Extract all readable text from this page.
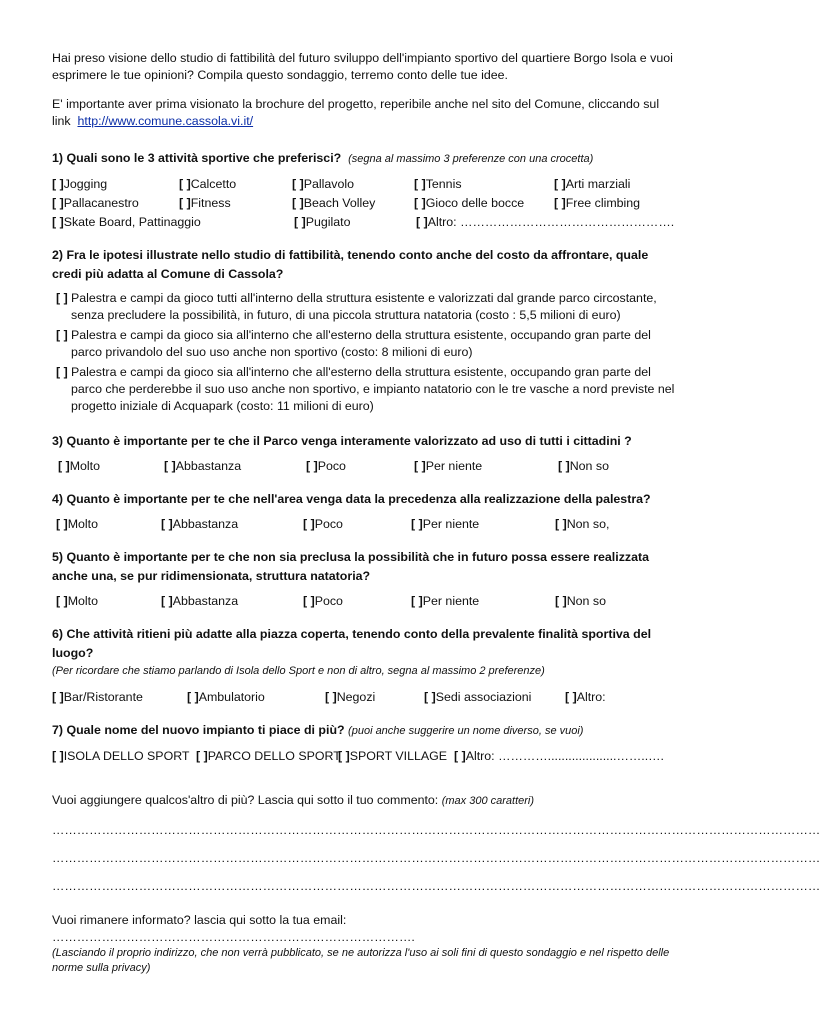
Hai preso visione dello studio di fattibilità del futuro sviluppo dell'impianto sportivo del quartiere Borgo Isola e vuoi esprimere le tue opinioni? Compila questo sondaggio, terremo conto delle tue idee.

E' importante aver prima visionato la brochure del progetto, reperibile anche nel sito del Comune, cliccando sul link http://www.comune.cassola.vi.it/

1) Quali sono le 3 attività sportive che preferisci? (segna al massimo 3 preferenze con una crocetta)
[ ]Jogging	[ ]Calcetto	[ ]Pallavolo	[ ]Tennis	[ ]Arti marziali
[ ]Pallacanestro	[ ]Fitness	[ ]Beach Volley	[ ]Gioco delle bocce [ ]Free climbing
[ ]Skate Board, Pattinaggio	[ ]Pugilato	[ ]Altro: …………………………………………….
2) Fra le ipotesi illustrate nello studio di fattibilità, tenendo conto anche del costo da affrontare, quale credi più adatta al Comune di Cassola?
[ ] Palestra e campi da gioco tutti all'interno della struttura esistente e valorizzati dal grande parco circostante, senza precludere la possibilità, in futuro, di una piccola struttura natatoria (costo : 5,5 milioni di euro)
[ ] Palestra e campi da gioco sia all'interno che all'esterno della struttura esistente, occupando gran parte del parco privandolo del suo uso anche non sportivo (costo: 8 milioni di euro)
[ ] Palestra e campi da gioco sia all'interno che all'esterno della struttura esistente, occupando gran parte del parco che perderebbe il suo uso anche non sportivo, e impianto natatorio con le tre vasche a nord previste nel progetto iniziale di Acquapark (costo: 11 milioni di euro)
3) Quanto è importante per te che il Parco venga interamente valorizzato ad uso di tutti i cittadini ?
[ ]Molto	[ ]Abbastanza	[ ]Poco	[ ]Per niente	[ ]Non so
4) Quanto è importante per te che nell'area venga data la precedenza alla realizzazione della palestra?
[ ]Molto	[ ]Abbastanza	[ ]Poco	[ ]Per niente	[ ]Non so,
5) Quanto è importante per te che non sia preclusa la possibilità che in futuro possa essere realizzata anche una, se pur ridimensionata, struttura natatoria?
[ ]Molto	[ ]Abbastanza	[ ]Poco	[ ]Per niente	[ ]Non so
6) Che attività ritieni più adatte alla piazza coperta, tenendo conto della prevalente finalità sportiva del luogo?

(Per ricordare che stiamo parlando di Isola dello Sport e non di altro, segna al massimo 2 preferenze)

[ ]Bar/Ristorante	[ ]Ambulatorio	[ ]Negozi	[ ]Sedi associazioni	[ ]Altro:
7) Quale nome del nuovo impianto ti piace di più? (puoi anche suggerire un nome diverso, se vuoi)
[ ]ISOLA DELLO SPORT [ ]PARCO DELLO SPORT
[ ]SPORT VILLAGE [ ]Altro: …………....................……..….

Vuoi aggiungere qualcos'altro di più? Lascia qui sotto il tuo commento: (max 300 caratteri)

……………………………………………………………………………………………………………………………………………………………………
……………………………………………………………………………………………………………………………………………………………………
……………………………………………………………………………………………………………………………………………………………………

Vuoi rimanere informato? lascia qui sotto la tua email: …………………………………………………………………………….

(Lasciando il proprio indirizzo, che non verrà pubblicato, se ne autorizza l'uso ai soli fini di questo sondaggio e nel rispetto delle norme sulla privacy)
